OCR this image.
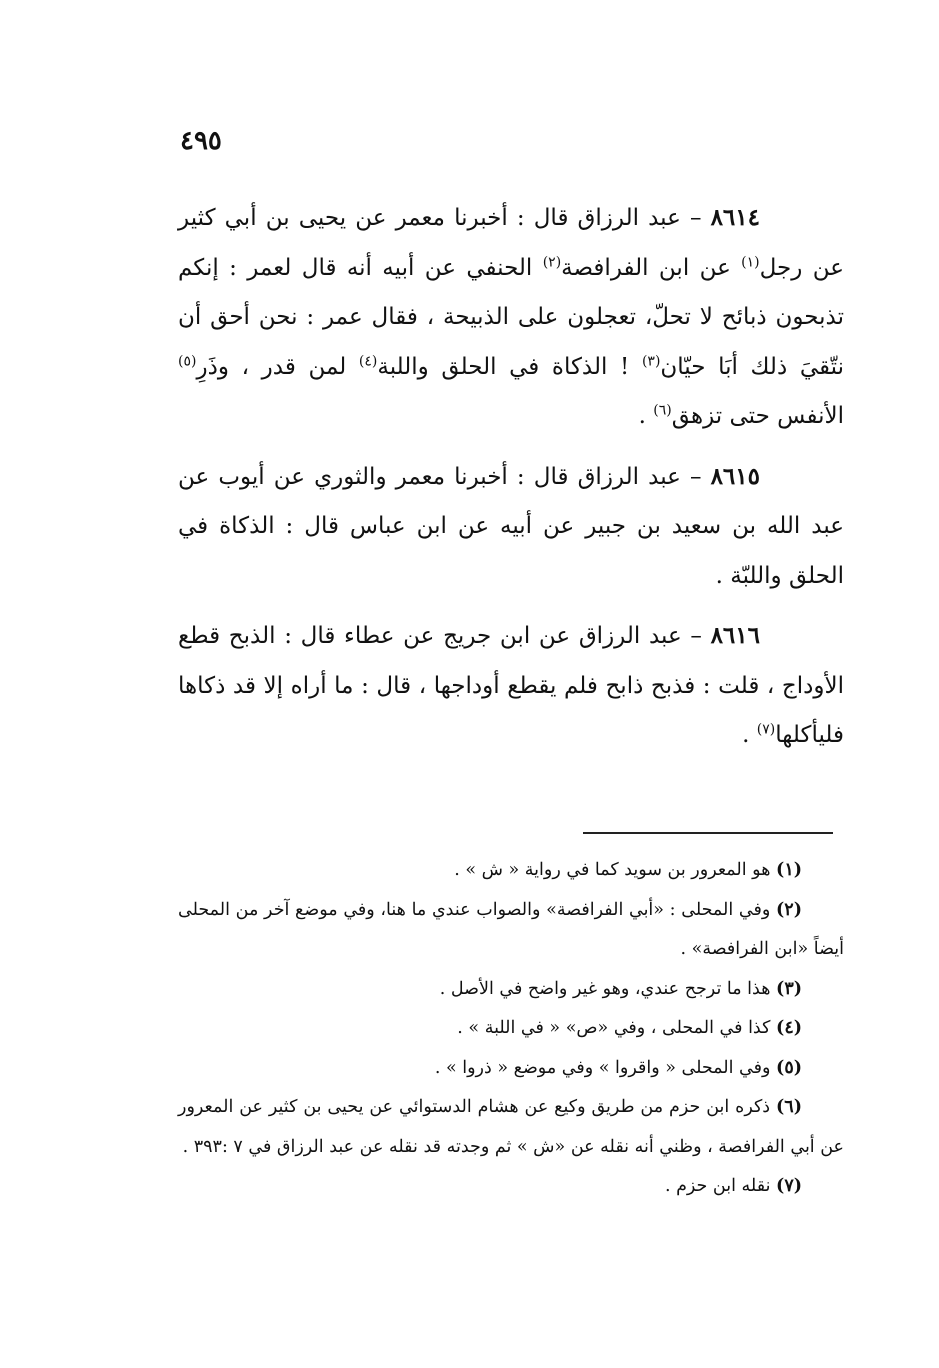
٤٩٥

٨٦١٤ – عبد الرزاق قال : أخبرنا معمر عن يحيى بن أبي كثير عن رجل$^{(١)}$ عن ابن الفرافصة$^{(٢)}$ الحنفي عن أبيه أنه قال لعمر : إنكم تذبحون ذبائح لا تحلّ، تعجلون على الذبيحة ، فقال عمر : نحن أحق أن نتّقيَ ذلك أبَا حيّان$^{(٣)}$ ! الذكاة في الحلق واللبة$^{(٤)}$ لمن قدر ، وذَرِ$^{(٥)}$ الأنفس حتى تزهق$^{(٦)}$ .

٨٦١٥ – عبد الرزاق قال : أخبرنا معمر والثوري عن أيوب عن عبد الله بن سعيد بن جبير عن أبيه عن ابن عباس قال : الذكاة في الحلق واللبّة .

٨٦١٦ – عبد الرزاق عن ابن جريج عن عطاء قال : الذبح قطع الأوداج ، قلت : فذبح ذابح فلم يقطع أوداجها ، قال : ما أراه إلا قد ذكاها فليأكلها$^{(٧)}$ .

(١) هو المعرور بن سويد كما في رواية « ش » .

(٢) وفي المحلى : «أبي الفرافصة» والصواب عندي ما هنا، وفي موضع آخر من المحلى أيضاً «ابن الفرافصة» .

(٣) هذا ما ترجح عندي، وهو غير واضح في الأصل .

(٤) كذا في المحلى ، وفي «ص» « في اللبة » .

(٥) وفي المحلى « واقروا » وفي موضع « ذروا » .

(٦) ذكره ابن حزم من طريق وكيع عن هشام الدستوائي عن يحيى بن كثير عن المعرور عن أبي الفرافصة ، وظني أنه نقله عن «ش » ثم وجدته قد نقله عن عبد الرزاق في ٧ :٣٩٣ .

(٧) نقله ابن حزم .
